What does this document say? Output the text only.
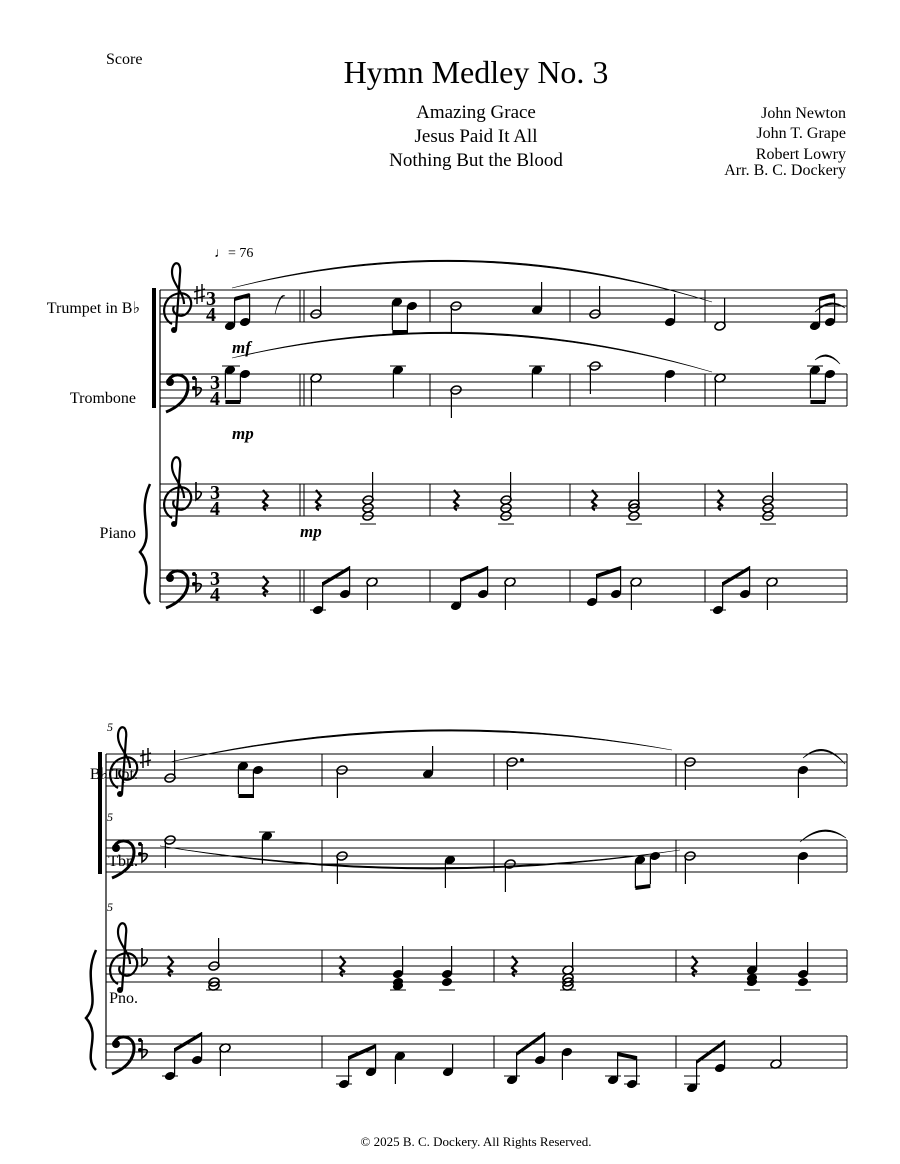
3
4
3
4
3
4
3
4
Score	Hymn Medley No. 3
Amazing Grace
Jesus Paid It All
Nothing But the Blood
John Newton
John T. Grape
Robert Lowry
Arr. B. C. Dockery
♩= 76
Trumpet in B♭
Trombone
Piano
B♭ Tpt.
Tbn.
Pno.
5
5
5
mf
mp
mp
© 2025 B. C. Dockery. All Rights Reserved.
